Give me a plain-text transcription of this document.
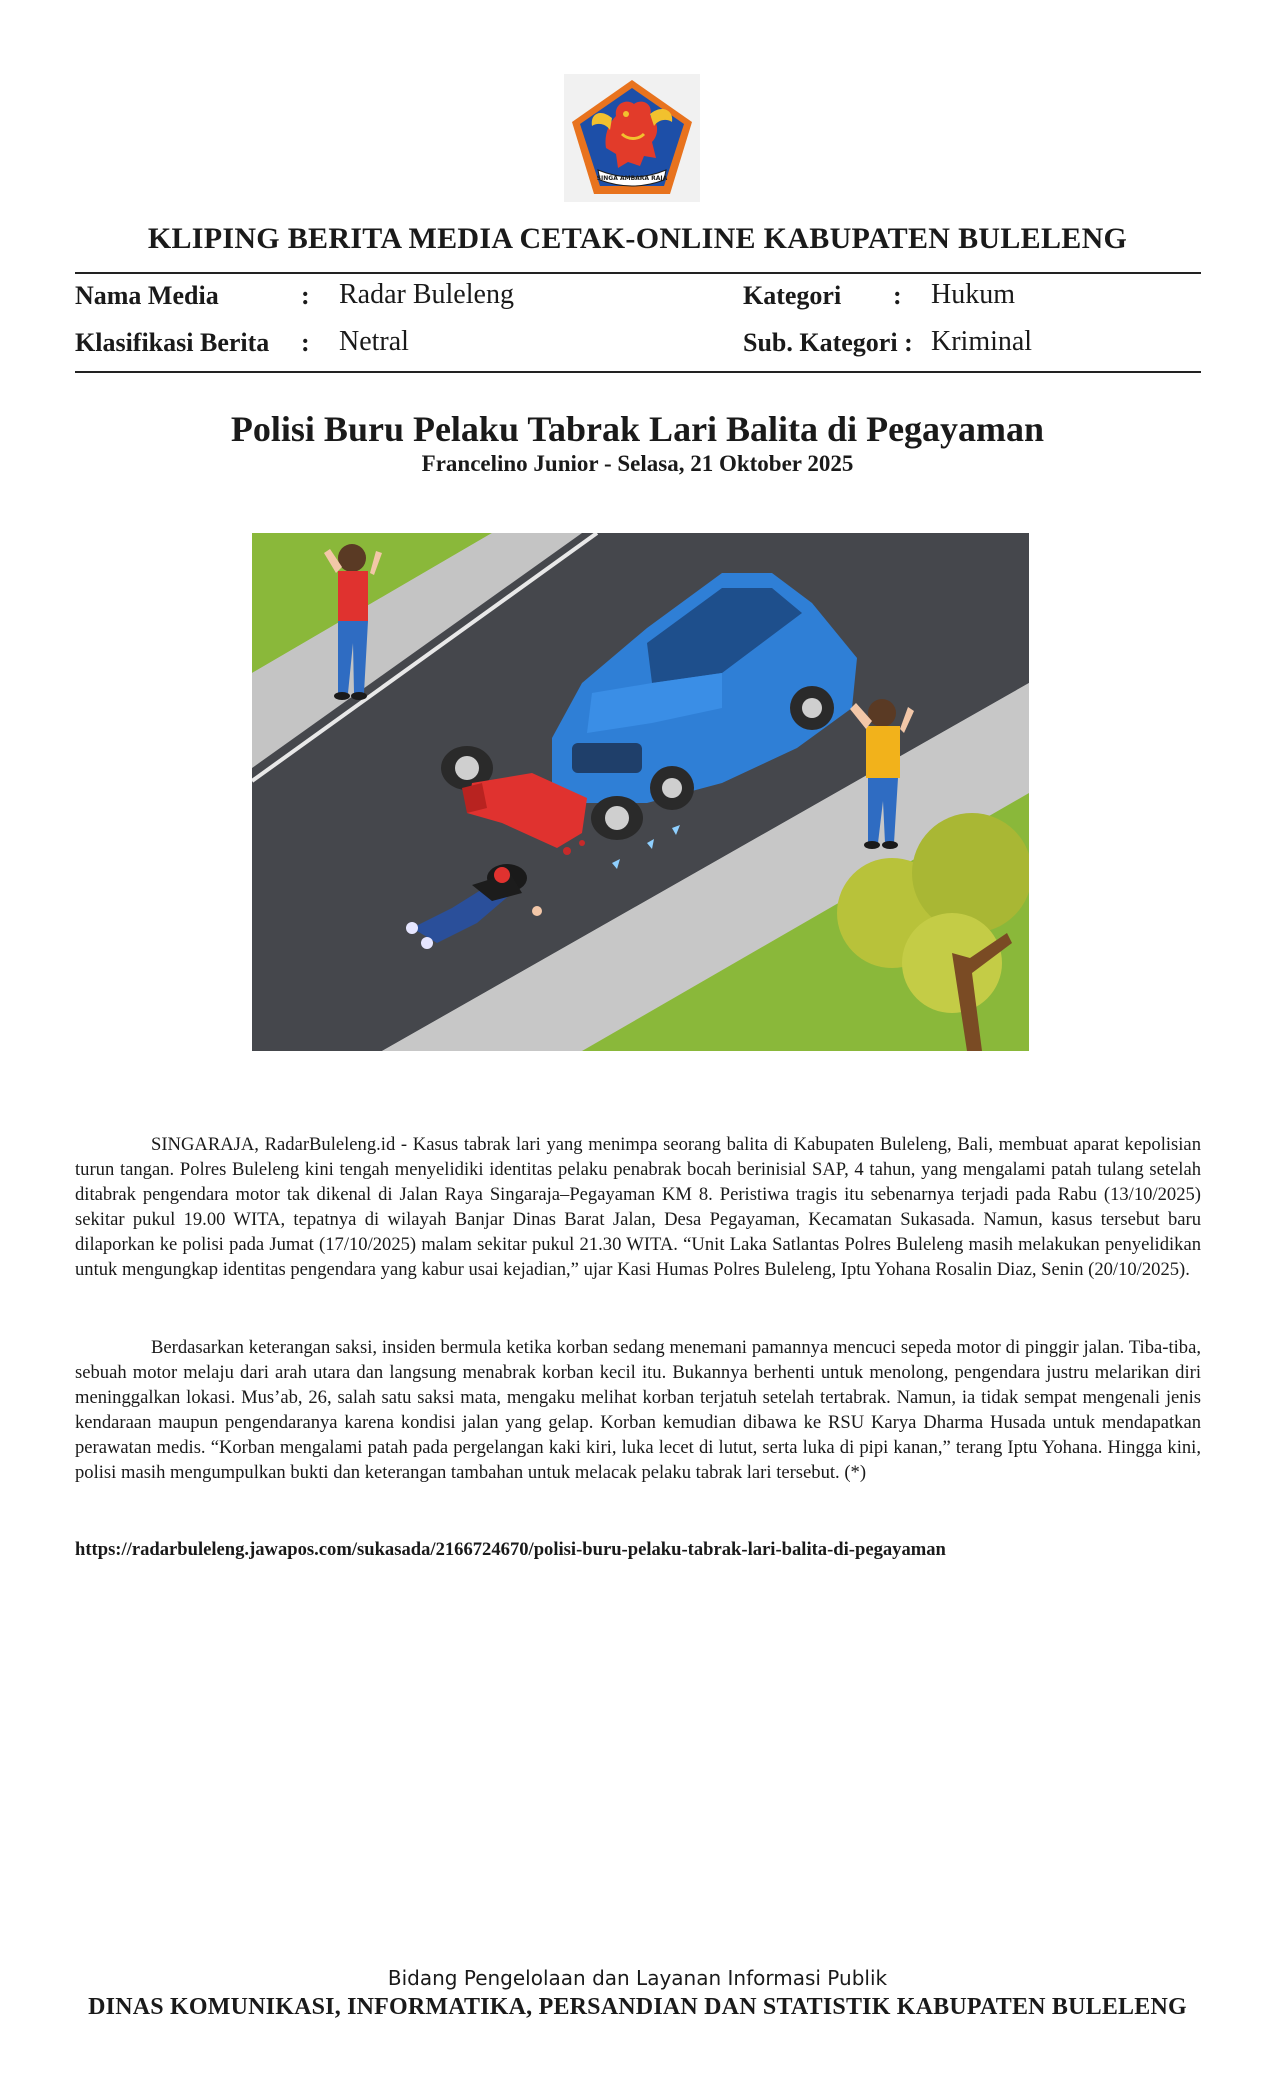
SINGA AMBARA RAJA
KLIPING BERITA MEDIA CETAK-ONLINE KABUPATEN BULELENG
Nama Media	: Radar Buleleng	Kategori : Hukum
Klasifikasi Berita : Netral	Sub. Kategori : Kriminal
Polisi Buru Pelaku Tabrak Lari Balita di Pegayaman
Francelino Junior - Selasa, 21 Oktober 2025

SINGARAJA, RadarBuleleng.id - Kasus tabrak lari yang menimpa seorang balita di Kabupaten Buleleng, Bali, membuat aparat kepolisian turun tangan. Polres Buleleng kini tengah menyelidiki identitas pelaku penabrak bocah berinisial SAP, 4 tahun, yang mengalami patah tulang setelah ditabrak pengendara motor tak dikenal di Jalan Raya Singaraja–Pegayaman KM 8. Peristiwa tragis itu sebenarnya terjadi pada Rabu (13/10/2025) sekitar pukul 19.00 WITA, tepatnya di wilayah Banjar Dinas Barat Jalan, Desa Pegayaman, Kecamatan Sukasada. Namun, kasus tersebut baru dilaporkan ke polisi pada Jumat (17/10/2025) malam sekitar pukul 21.30 WITA. “Unit Laka Satlantas Polres Buleleng masih melakukan penyelidikan untuk mengungkap identitas pengendara yang kabur usai kejadian,” ujar Kasi Humas Polres Buleleng, Iptu Yohana Rosalin Diaz, Senin (20/10/2025).

Berdasarkan keterangan saksi, insiden bermula ketika korban sedang menemani pamannya mencuci sepeda motor di pinggir jalan. Tiba-tiba, sebuah motor melaju dari arah utara dan langsung menabrak korban kecil itu. Bukannya berhenti untuk menolong, pengendara justru melarikan diri meninggalkan lokasi. Mus’ab, 26, salah satu saksi mata, mengaku melihat korban terjatuh setelah tertabrak. Namun, ia tidak sempat mengenali jenis kendaraan maupun pengendaranya karena kondisi jalan yang gelap. Korban kemudian dibawa ke RSU Karya Dharma Husada untuk mendapatkan perawatan medis. “Korban mengalami patah pada pergelangan kaki kiri, luka lecet di lutut, serta luka di pipi kanan,” terang Iptu Yohana. Hingga kini, polisi masih mengumpulkan bukti dan keterangan tambahan untuk melacak pelaku tabrak lari tersebut. (*)

https://radarbuleleng.jawapos.com/sukasada/2166724670/polisi-buru-pelaku-tabrak-lari-balita-di-pegayaman
Bidang Pengelolaan dan Layanan Informasi Publik
DINAS KOMUNIKASI, INFORMATIKA, PERSANDIAN DAN STATISTIK KABUPATEN BULELENG
